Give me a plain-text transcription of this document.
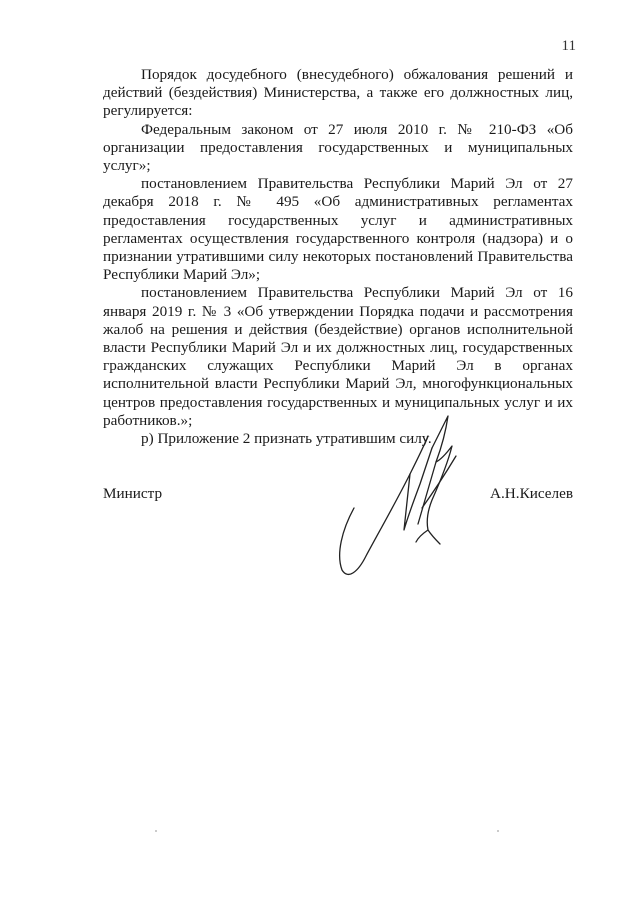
11

Порядок досудебного (внесудебного) обжалования решений и действий (бездействия) Министерства, а также его должностных лиц, регулируется:

Федеральным законом от 27 июля 2010 г. № 210-ФЗ «Об организации предоставления государственных и муниципальных услуг»;

постановлением Правительства Республики Марий Эл от 27 декабря 2018 г. № 495 «Об административных регламентах предоставления государственных услуг и административных регламентах осуществления государственного контроля (надзора) и о признании утратившими силу некоторых постановлений Правительства Республики Марий Эл»;

постановлением Правительства Республики Марий Эл от 16 января 2019 г. № 3 «Об утверждении Порядка подачи и рассмотрения жалоб на решения и действия (бездействие) органов исполнительной власти Республики Марий Эл и их должностных лиц, государственных гражданских служащих Республики Марий Эл в органах исполнительной власти Республики Марий Эл, многофункциональных центров предоставления государственных и муниципальных услуг и их работников.»;

р) Приложение 2 признать утратившим силу.

Министр	А.Н.Киселев
